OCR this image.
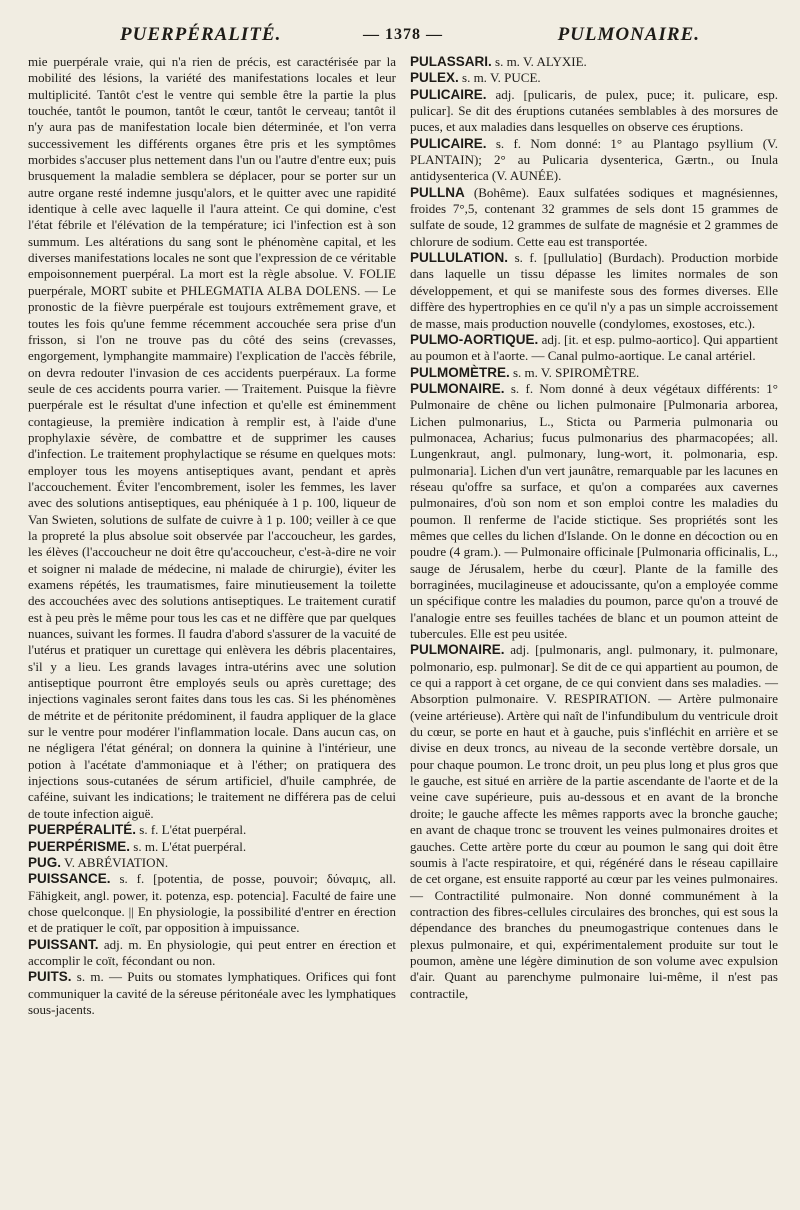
PUERPÉRALITÉ.	— 1378 —	PULMONAIRE.

mie puerpérale vraie, qui n'a rien de précis, est caractérisée par la mobilité des lésions, la variété des manifestations locales et leur multiplicité. Tantôt c'est le ventre qui semble être la partie la plus touchée, tantôt le poumon, tantôt le cœur, tantôt le cerveau; tantôt il n'y aura pas de manifestation locale bien déterminée, et l'on verra successivement les différents organes être pris et les symptômes morbides s'accuser plus nettement dans l'un ou l'autre d'entre eux; puis brusquement la maladie semblera se déplacer, pour se porter sur un autre organe resté indemne jusqu'alors, et le quitter avec une rapidité identique à celle avec laquelle il l'aura atteint. Ce qui domine, c'est l'état fébrile et l'élévation de la température; ici l'infection est à son summum. Les altérations du sang sont le phénomène capital, et les diverses manifestations locales ne sont que l'expression de ce véritable empoisonnement puerpéral. La mort est la règle absolue. V. FOLIE puerpérale, MORT subite et PHLEGMATIA ALBA DOLENS. — Le pronostic de la fièvre puerpérale est toujours extrêmement grave, et toutes les fois qu'une femme récemment accouchée sera prise d'un frisson, si l'on ne trouve pas du côté des seins (crevasses, engorgement, lymphangite mammaire) l'explication de l'accès fébrile, on devra redouter l'invasion de ces accidents puerpéraux. La forme seule de ces accidents pourra varier. — Traitement. Puisque la fièvre puerpérale est le résultat d'une infection et qu'elle est éminemment contagieuse, la première indication à remplir est, à l'aide d'une prophylaxie sévère, de combattre et de supprimer les causes d'infection. Le traitement prophylactique se résume en quelques mots: employer tous les moyens antiseptiques avant, pendant et après l'accouchement. Éviter l'encombrement, isoler les femmes, les laver avec des solutions antiseptiques, eau phéniquée à 1 p. 100, liqueur de Van Swieten, solutions de sulfate de cuivre à 1 p. 100; veiller à ce que la propreté la plus absolue soit observée par l'accoucheur, les gardes, les élèves (l'accoucheur ne doit être qu'accoucheur, c'est-à-dire ne voir et soigner ni malade de médecine, ni malade de chirurgie), éviter les examens répétés, les traumatismes, faire minutieusement la toilette des accouchées avec des solutions antiseptiques. Le traitement curatif est à peu près le même pour tous les cas et ne diffère que par quelques nuances, suivant les formes. Il faudra d'abord s'assurer de la vacuité de l'utérus et pratiquer un curettage qui enlèvera les débris placentaires, s'il y a lieu. Les grands lavages intra-utérins avec une solution antiseptique pourront être employés seuls ou après curettage; des injections vaginales seront faites dans tous les cas. Si les phénomènes de métrite et de péritonite prédominent, il faudra appliquer de la glace sur le ventre pour modérer l'inflammation locale. Dans aucun cas, on ne négligera l'état général; on donnera la quinine à l'intérieur, une potion à l'acétate d'ammoniaque et à l'éther; on pratiquera des injections sous-cutanées de sérum artificiel, d'huile camphrée, de caféine, suivant les indications; le traitement ne différera pas de celui de toute infection aiguë.

PUERPÉRALITÉ. s. f. L'état puerpéral.

PUERPÉRISME. s. m. L'état puerpéral.

PUG. V. ABRÉVIATION.

PUISSANCE. s. f. [potentia, de posse, pouvoir; δύναμις, all. Fähigkeit, angl. power, it. potenza, esp. potencia]. Faculté de faire une chose quelconque. || En physiologie, la possibilité d'entrer en érection et de pratiquer le coït, par opposition à impuissance.

PUISSANT. adj. m. En physiologie, qui peut entrer en érection et accomplir le coït, fécondant ou non.

PUITS. s. m. — Puits ou stomates lymphatiques. Orifices qui font communiquer la cavité de la séreuse péritonéale avec les lymphatiques sous-jacents.

PULASSARI. s. m. V. ALYXIE.

PULEX. s. m. V. PUCE.

PULICAIRE. adj. [pulicaris, de pulex, puce; it. pulicare, esp. pulicar]. Se dit des éruptions cutanées semblables à des morsures de puces, et aux maladies dans lesquelles on observe ces éruptions.

PULICAIRE. s. f. Nom donné: 1° au Plantago psyllium (V. PLANTAIN); 2° au Pulicaria dysenterica, Gærtn., ou Inula antidysenterica (V. AUNÉE).

PULLNA (Bohême). Eaux sulfatées sodiques et magnésiennes, froides 7°,5, contenant 32 grammes de sels dont 15 grammes de sulfate de soude, 12 grammes de sulfate de magnésie et 2 grammes de chlorure de sodium. Cette eau est transportée.

PULLULATION. s. f. [pullulatio] (Burdach). Production morbide dans laquelle un tissu dépasse les limites normales de son développement, et qui se manifeste sous des formes diverses. Elle diffère des hypertrophies en ce qu'il n'y a pas un simple accroissement de masse, mais production nouvelle (condylomes, exostoses, etc.).

PULMO-AORTIQUE. adj. [it. et esp. pulmo-aortico]. Qui appartient au poumon et à l'aorte. — Canal pulmo-aortique. Le canal artériel.

PULMOMÈTRE. s. m. V. SPIROMÈTRE.

PULMONAIRE. s. f. Nom donné à deux végétaux différents: 1° Pulmonaire de chêne ou lichen pulmonaire [Pulmonaria arborea, Lichen pulmonarius, L., Sticta ou Parmeria pulmonaria ou pulmonacea, Acharius; fucus pulmonarius des pharmacopées; all. Lungenkraut, angl. pulmonary, lung-wort, it. polmonaria, esp. pulmonaria]. Lichen d'un vert jaunâtre, remarquable par les lacunes en réseau qu'offre sa surface, et qu'on a comparées aux cavernes pulmonaires, d'où son nom et son emploi contre les maladies du poumon. Il renferme de l'acide stictique. Ses propriétés sont les mêmes que celles du lichen d'Islande. On le donne en décoction ou en poudre (4 gram.). — Pulmonaire officinale [Pulmonaria officinalis, L., sauge de Jérusalem, herbe du cœur]. Plante de la famille des borraginées, mucilagineuse et adoucissante, qu'on a employée comme un spécifique contre les maladies du poumon, parce qu'on a trouvé de l'analogie entre ses feuilles tachées de blanc et un poumon atteint de tubercules. Elle est peu usitée.

PULMONAIRE. adj. [pulmonaris, angl. pulmonary, it. pulmonare, polmonario, esp. pulmonar]. Se dit de ce qui appartient au poumon, de ce qui a rapport à cet organe, de ce qui convient dans ses maladies. — Absorption pulmonaire. V. RESPIRATION. — Artère pulmonaire (veine artérieuse). Artère qui naît de l'infundibulum du ventricule droit du cœur, se porte en haut et à gauche, puis s'infléchit en arrière et se divise en deux troncs, au niveau de la seconde vertèbre dorsale, un pour chaque poumon. Le tronc droit, un peu plus long et plus gros que le gauche, est situé en arrière de la partie ascendante de l'aorte et de la veine cave supérieure, puis au-dessous et en avant de la bronche droite; le gauche affecte les mêmes rapports avec la bronche gauche; en avant de chaque tronc se trouvent les veines pulmonaires droites et gauches. Cette artère porte du cœur au poumon le sang qui doit être soumis à l'acte respiratoire, et qui, régénéré dans le réseau capillaire de cet organe, est ensuite rapporté au cœur par les veines pulmonaires. — Contractilité pulmonaire. Non donné communément à la contraction des fibres-cellules circulaires des bronches, qui est sous la dépendance des branches du pneumogastrique contenues dans le plexus pulmonaire, et qui, expérimentalement produite sur tout le poumon, amène une légère diminution de son volume avec expulsion d'air. Quant au parenchyme pulmonaire lui-même, il n'est pas contractile,
